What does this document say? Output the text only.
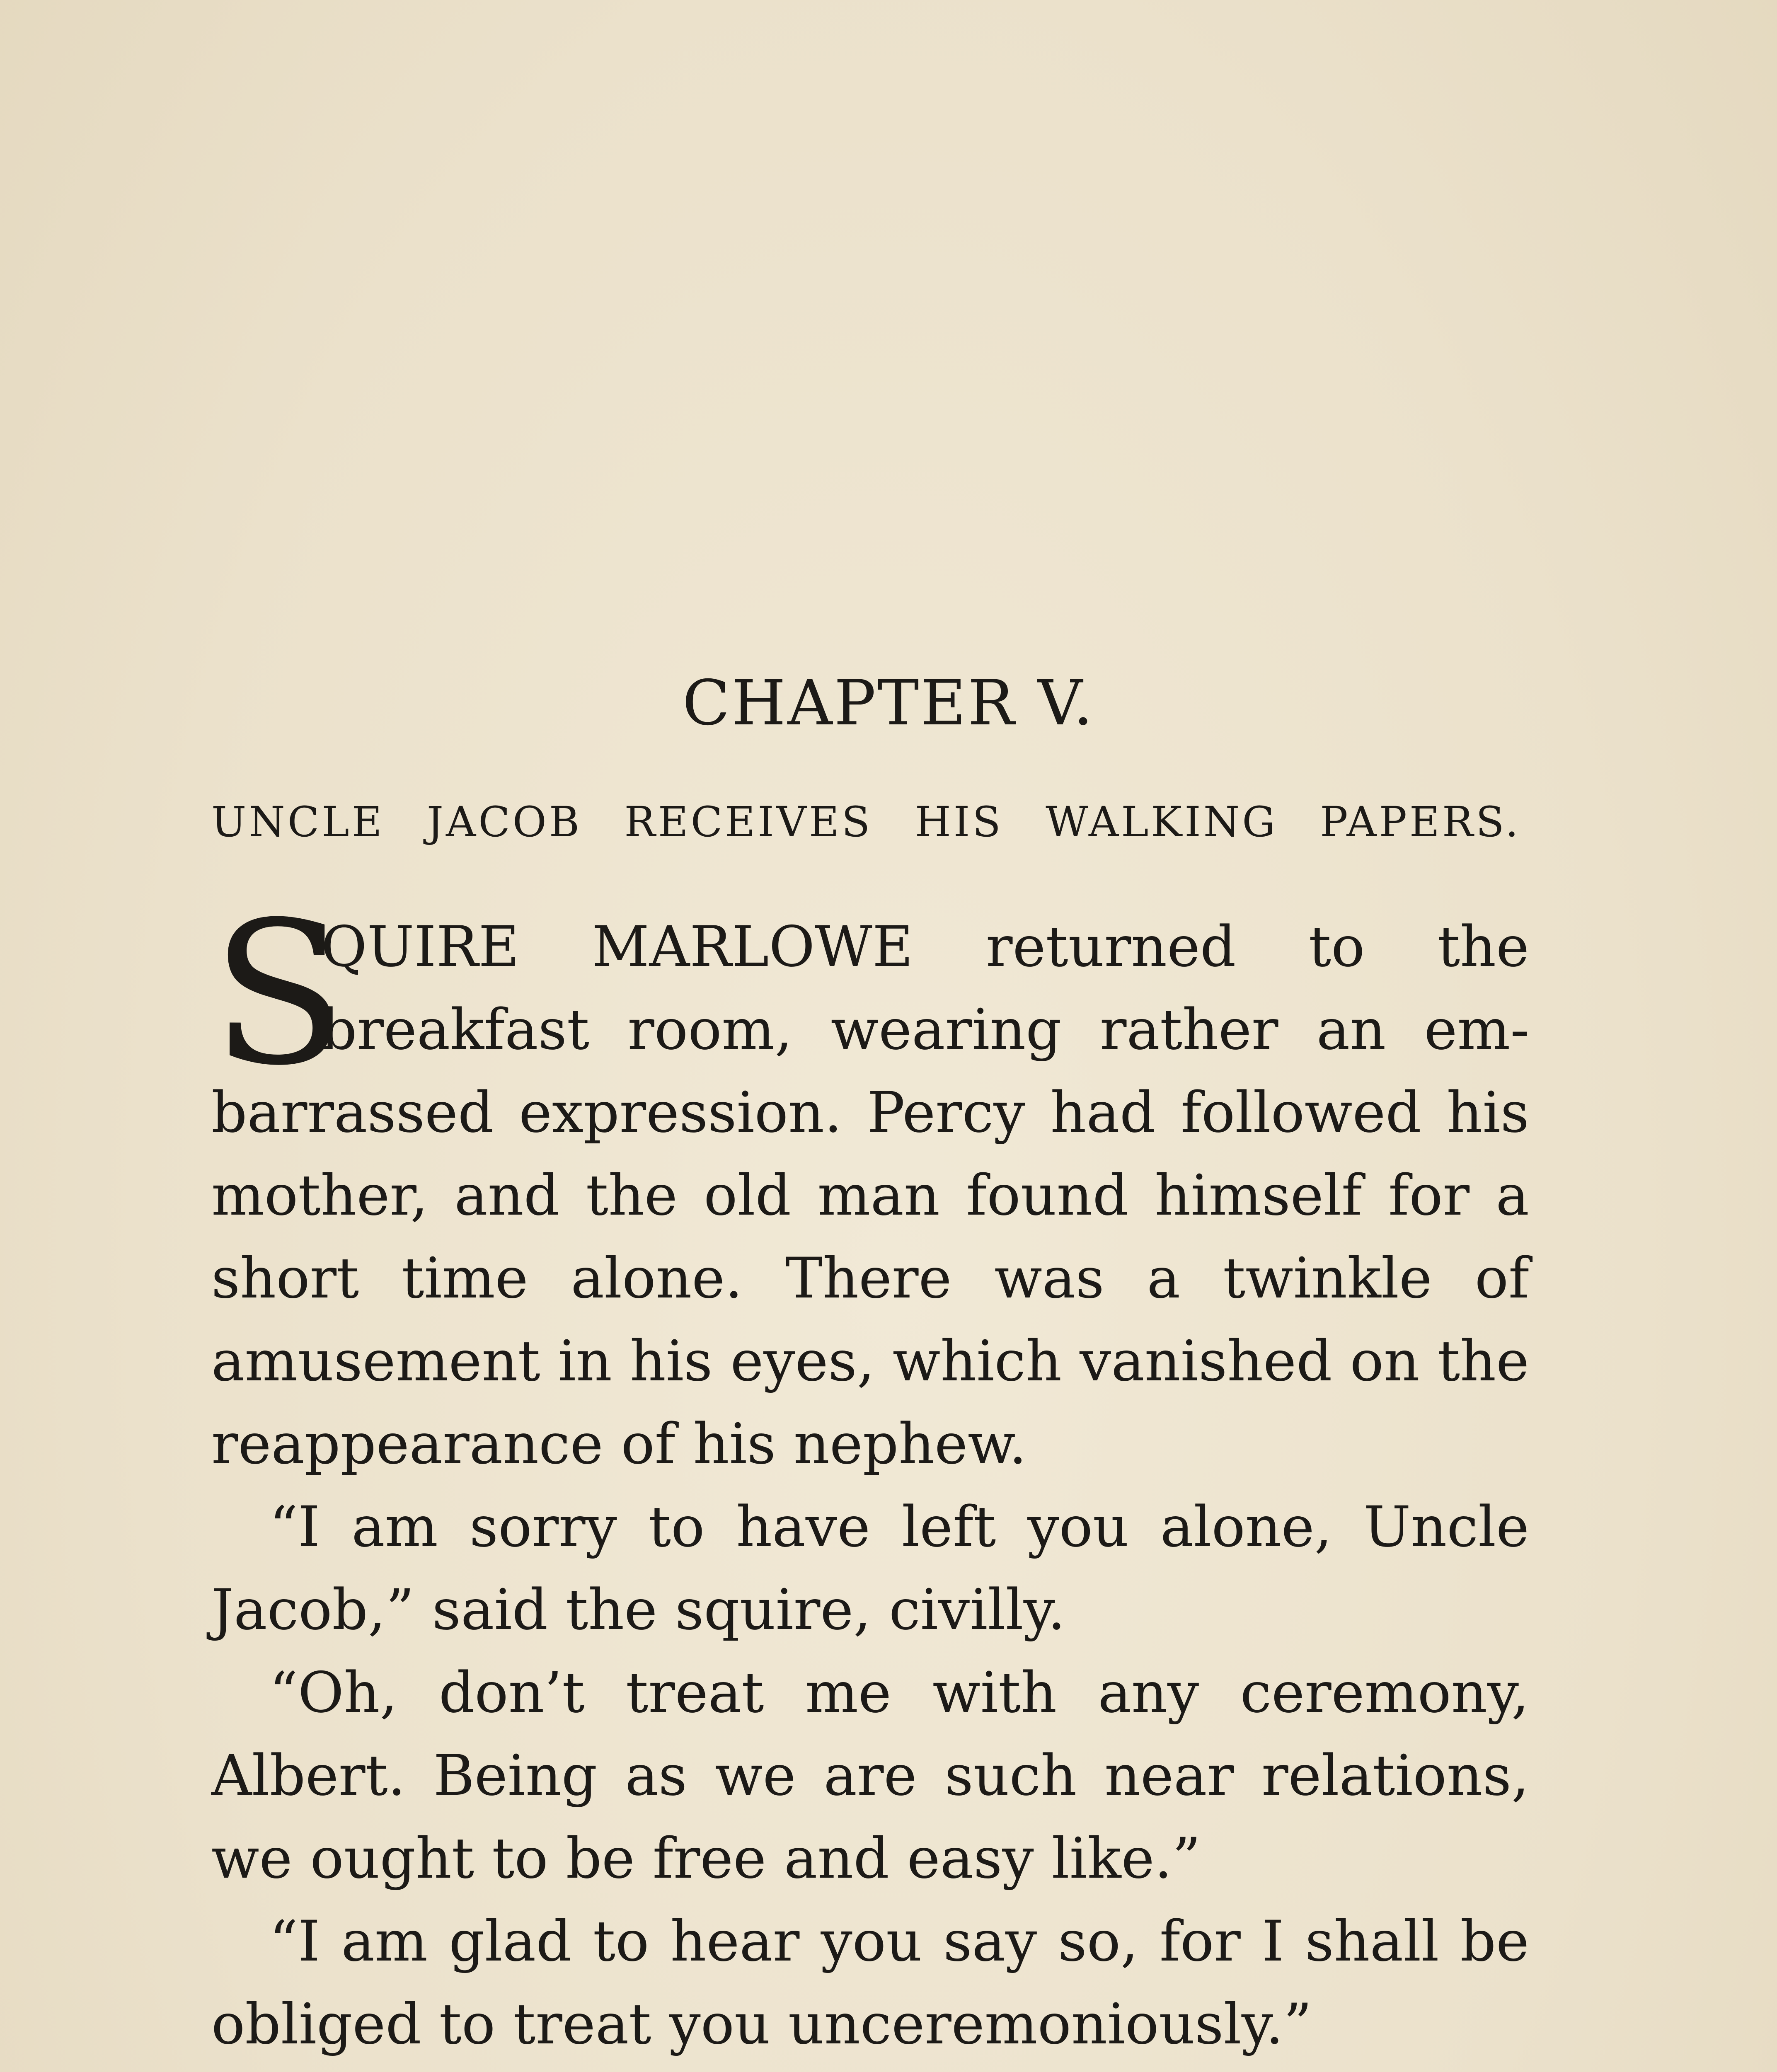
CHAPTER V.
UNCLE JACOB RECEIVES HIS WALKING PAPERS.
S
QUIRE MARLOWE returned to the
breakfast room, wearing rather an em-
barrassed expression. Percy had followed his
mother, and the old man found himself for a
short time alone. There was a twinkle of
amusement in his eyes, which vanished on the
reappearance of his nephew.
“I am sorry to have left you alone, Uncle
Jacob,” said the squire, civilly.
“Oh, don’t treat me with any ceremony,
Albert. Being as we are such near relations,
we ought to be free and easy like.”
“I am glad to hear you say so, for I shall be
obliged to treat you unceremoniously.”
